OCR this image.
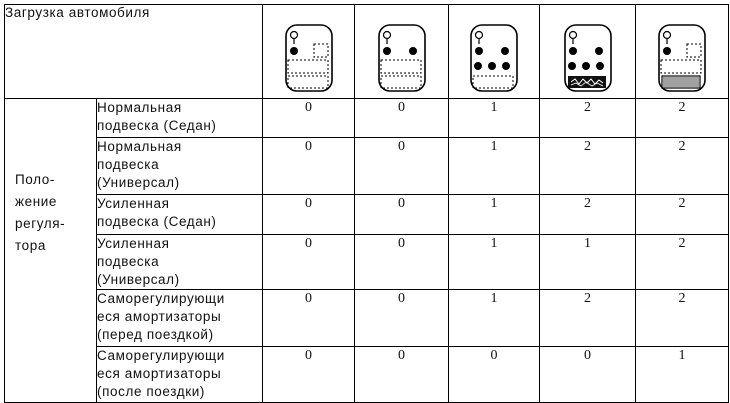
Загрузка автомобиля	

Поло-
жение
регуля-
тора	Нормальная
подвеска (Седан)	0	0	1	2	2
	Нормальная
подвеска
(Универсал)	0	0	1	2	2
	Усиленная
подвеска (Седан)	0	0	1	2	2
	Усиленная
подвеска
(Универсал)	0	0	1	1	2
	Саморегулирующи
еся амортизаторы
(перед поездкой)	0	0	1	2	2
	Саморегулирующи
еся амортизаторы
(после поездки)	0	0	0	0	1
